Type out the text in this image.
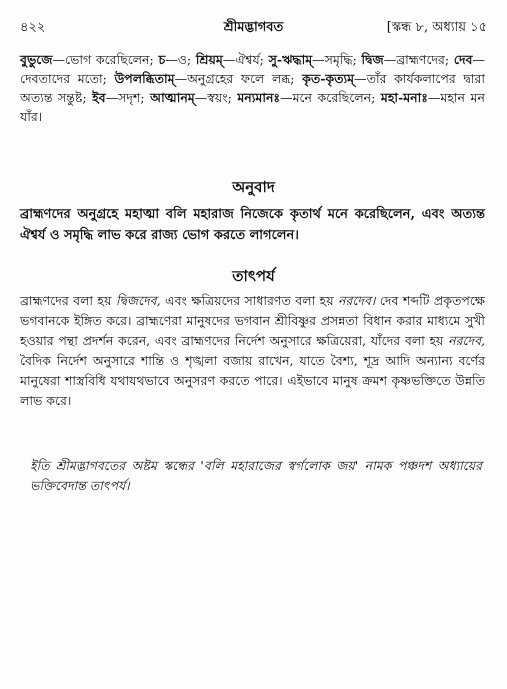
৪২২	শ্রীমদ্ভাগবত	[স্কন্ধ ৮, অধ্যায় ১৫
বুভুজে—ভোগ করেছিলেন; চ—ও; শ্রিয়ম্—ঐশ্বর্য; সু-ঋদ্ধাম্—সমৃদ্ধি; দ্বিজ—ব্রাহ্মণদের; দেব—দেবতাদের মতো; উপলব্ধিতাম্—অনুগ্রহের ফলে লব্ধ; কৃত-কৃত্যম্—তাঁর কার্যকলাপের দ্বারা অত্যন্ত সন্তুষ্ট; ইব—সদৃশ; আত্মানম্—স্বয়ং; মন্যমানঃ—মনে করেছিলেন; মহা-মনাঃ—মহান মন যাঁর।
অনুবাদ
ব্রাহ্মণদের অনুগ্রহে মহাত্মা বলি মহারাজ নিজেকে কৃতার্থ মনে করেছিলেন, এবং অত্যন্ত ঐশ্বর্য ও সমৃদ্ধি লাভ করে রাজ্য ভোগ করতে লাগলেন।
তাৎপর্য
ব্রাহ্মণদের বলা হয় দ্বিজদেব, এবং ক্ষত্রিয়দের সাধারণত বলা হয় নরদেব। দেব শব্দটি প্রকৃতপক্ষে ভগবানকে ইঙ্গিত করে। ব্রাহ্মণেরা মানুষদের ভগবান শ্রীবিষ্ণুর প্রসন্নতা বিধান করার মাধ্যমে সুখী হওয়ার পন্থা প্রদর্শন করেন, এবং ব্রাহ্মণদের নির্দেশ অনুসারে ক্ষত্রিয়েরা, যাঁদের বলা হয় নরদেব, বৈদিক নির্দেশ অনুসারে শান্তি ও শৃঙ্খলা বজায় রাখেন, যাতে বৈশ্য, শূদ্র আদি অন্যান্য বর্ণের মানুষেরা শাস্ত্রবিধি যথাযথভাবে অনুসরণ করতে পারে। এইভাবে মানুষ ক্রমশ কৃষ্ণভক্তিতে উন্নতি লাভ করে।
ইতি শ্রীমদ্ভাগবতের অষ্টম স্কন্ধের 'বলি মহারাজের স্বর্গলোক জয়' নামক পঞ্চদশ অধ্যায়ের ভক্তিবেদান্ত তাৎপর্য।
